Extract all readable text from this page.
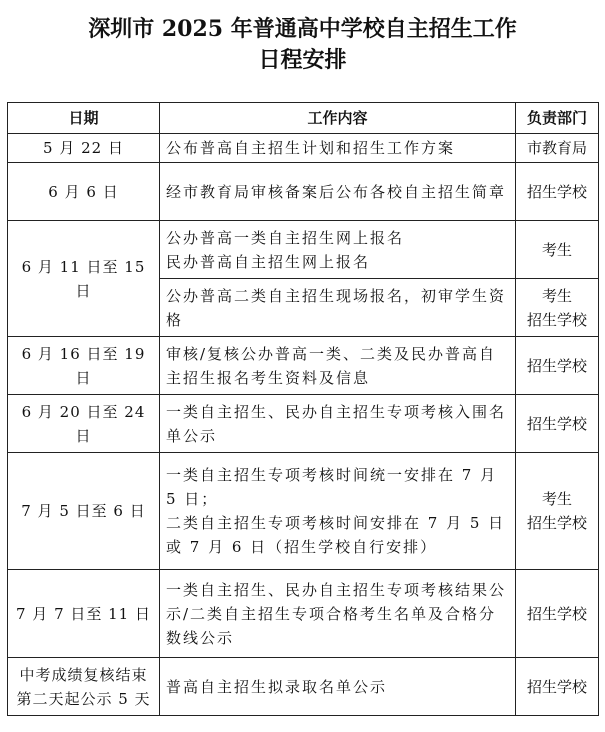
深圳市 2025 年普通高中学校自主招生工作
日程安排
日期	工作内容	负责部门
5 月 22 日	公布普高自主招生计划和招生工作方案	市教育局

6 月 6 日	经市教育局审核备案后公布各校自主招生简章	招生学校

6 月 11 日至 15 日	公办普高一类自主招生网上报名
民办普高自主招生网上报名	考生

	公办普高二类自主招生现场报名，初审学生资格	考生
招生学校

6 月 16 日至 19 日	审核/复核公办普高一类、二类及民办普高自主招生报名考生资料及信息	招生学校

6 月 20 日至 24 日	一类自主招生、民办自主招生专项考核入围名单公示	招生学校

7 月 5 日至 6 日	一类自主招生专项考核时间统一安排在 7 月 5 日；
二类自主招生专项考核时间安排在 7 月 5 日或 7 月 6 日（招生学校自行安排）	考生
招生学校

7 月 7 日至 11 日	一类自主招生、民办自主招生专项考核结果公示/二类自主招生专项合格考生名单及合格分数线公示	招生学校

中考成绩复核结束
第二天起公示 5 天	普高自主招生拟录取名单公示	招生学校
